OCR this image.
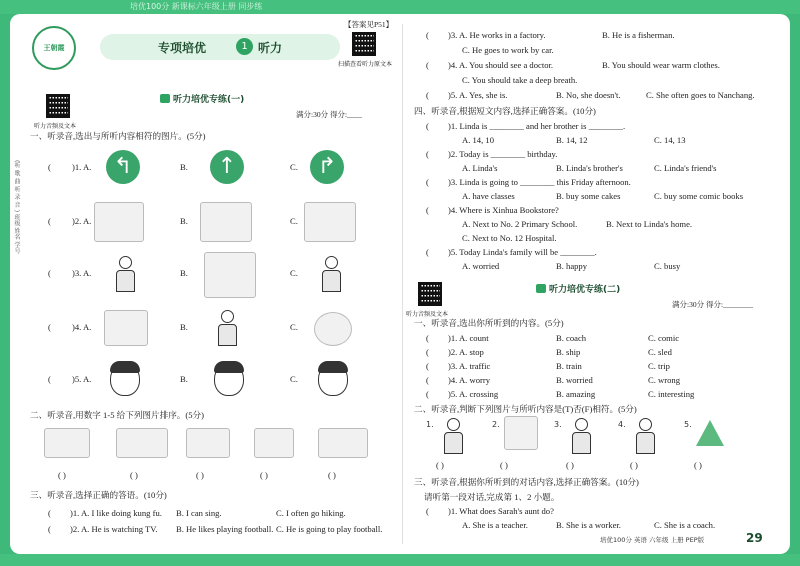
培优100分 新课标六年级上册 同步练
(听 歌 曲 听 录 音 ) 班级 姓名 学号
王朝霞	专项培优	1 听力
【答案见P51】
扫描查看听力原文本
听力音频及文本
听力培优专练(一)
满分:30分 得分:____
一、听录音,选出与所听内容相符的图片。(5分)
( )1. A.	↰	B.	↑	C. ↱
( )2. A.	B.	C.
( )3. A.	B.	C.
( )4. A.	B.	C.
( )5. A.	B.	C.
二、听录音,用数字 1-5 给下列图片排序。(5分)
( )	( )	( )	( )	( )
三、听录音,选择正确的答语。(10分)
( )1. A. I like doing kung fu. B. I can sing.	C. I often go hiking.
( )2. A. He is watching TV. B. He likes playing football. C. He is going to play football.
( )3. A. He works in a factory.	B. He is a fisherman.
C. He goes to work by car.
( )4. A. You should see a doctor.	B. You should wear warm clothes.
C. You should take a deep breath.
( )5. A. Yes, she is.	B. No, she doesn't.	C. She often goes to Nanchang.
四、听录音,根据短文内容,选择正确答案。(10分)
( )1. Linda is ________ and her brother is ________.
A. 14, 10	B. 14, 12	C. 14, 13
( )2. Today is ________ birthday.
A. Linda's	B. Linda's brother's	C. Linda's friend's
( )3. Linda is going to ________ this Friday afternoon.
A. have classes	B. buy some cakes	C. buy some comic books
( )4. Where is Xinhua Bookstore?
A. Next to No. 2 Primary School.	B. Next to Linda's home.
C. Next to No. 12 Hospital.
( )5. Today Linda's family will be ________.
A. worried	B. happy	C. busy
听力音频及文本
听力培优专练(二)
满分:30分 得分:________
一、听录音,选出你所听到的内容。(5分)
( )1. A. count	B. coach	C. comic
( )2. A. stop	B. ship	C. sled
( )3. A. traffic	B. train	C. trip
( )4. A. worry	B. worried	C. wrong
( )5. A. crossing	B. amazing	C. interesting
二、听录音,判断下列图片与所听内容是(T)否(F)相符。(5分)
1.	2.	3.	4.	5.
( )	( )	( )	( )	( )
三、听录音,根据你所听到的对话内容,选择正确答案。(10分)
请听第一段对话,完成第 1、2 小题。
( )1. What does Sarah's aunt do?
A. She is a teacher.	B. She is a worker.	C. She is a coach.
培优100分 英语 六年级 上册 PEP版	29
